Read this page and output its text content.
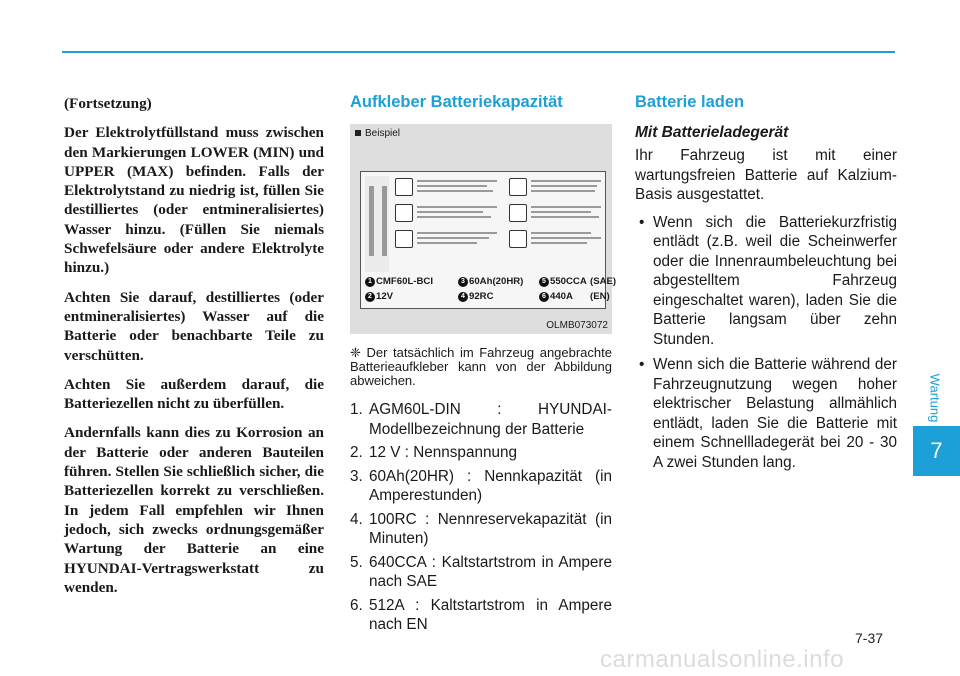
(Fortsetzung)

Der Elektrolytfüllstand muss zwischen den Markierungen LOWER (MIN) und UPPER (MAX) befinden. Falls der Elektrolytstand zu niedrig ist, füllen Sie destilliertes (oder entmineralisiertes) Wasser hinzu. (Füllen Sie niemals Schwefelsäure oder andere Elektrolyte hinzu.)

Achten Sie darauf, destilliertes (oder entmineralisiertes) Wasser auf die Batterie oder benachbarte Teile zu verschütten.

Achten Sie außerdem darauf, die Batteriezellen nicht zu überfüllen.

Andernfalls kann dies zu Korrosion an der Batterie oder anderen Bauteilen führen. Stellen Sie schließlich sicher, die Batteriezellen korrekt zu verschließen. In jedem Fall empfehlen wir Ihnen jedoch, sich zwecks ordnungsgemäßer Wartung der Batterie an eine HYUNDAI-Vertragswerkstatt zu wenden.

Aufkleber Batteriekapazität
Beispiel
1 CMF60L-BCI	3 60Ah(20HR)	5 550CCA (SAE)
2 12V	4 92RC	6 440A (EN)
OLMB073072

❈ Der tatsächlich im Fahrzeug angebrachte Batterieaufkleber kann von der Abbildung abweichen.

1. AGM60L-DIN : HYUNDAI-Modellbezeichnung der Batterie
2. 12 V : Nennspannung
3. 60Ah(20HR) : Nennkapazität (in Amperestunden)
4. 100RC : Nennreservekapazität (in Minuten)
5. 640CCA : Kaltstartstrom in Ampere nach SAE
6. 512A : Kaltstartstrom in Ampere nach EN
Batterie laden
Mit Batterieladegerät

Ihr Fahrzeug ist mit einer wartungsfreien Batterie auf Kalzium-Basis ausgestattet.

• Wenn sich die Batteriekurzfristig entlädt (z.B. weil die Scheinwerfer oder die Innenraumbeleuchtung bei abgestelltem Fahrzeug eingeschaltet waren), laden Sie die Batterie langsam über zehn Stunden.
• Wenn sich die Batterie während der Fahrzeugnutzung wegen hoher elektrischer Belastung allmählich entlädt, laden Sie die Batterie mit einem Schnellladegerät bei 20 - 30 A zwei Stunden lang.
Wartung
7
7-37
carmanualsonline.info
